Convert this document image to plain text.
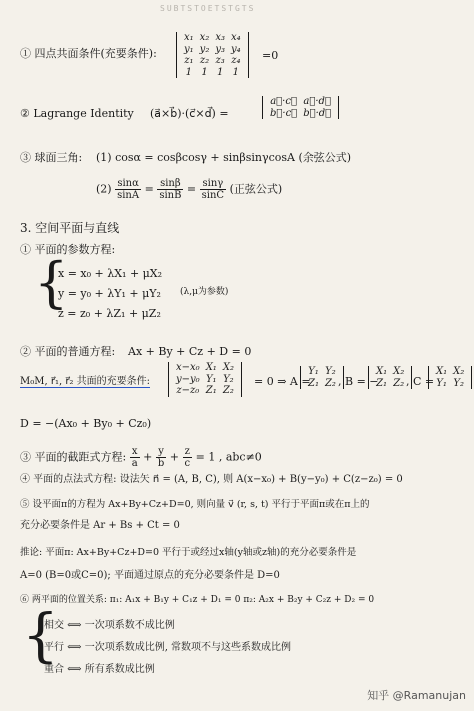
SUBTSTOETSTGTS
① 四点共面条件(充要条件):
x₁	x₂	x₃	x₄
y₁	y₂	y₃	y₄
z₁	z₂	z₃	z₄
1	1	1	1
=0
② Lagrange Identity (a⃗×b⃗)·(c⃗×d⃗) =
a⃗·c⃗	a⃗·d⃗
b⃗·c⃗	b⃗·d⃗
③ 球面三角: (1) cosα = cosβcosγ + sinβsinγcosA (余弦公式)
$(2) \frac{\sin\alpha}{\sin A} = \frac{\sin\beta}{\sin B} = \frac{\sin\gamma}{\sin C}$ (正弦公式)
3. 空间平面与直线
① 平面的参数方程:
{
x = x₀ + λX₁ + μX₂
y = y₀ + λY₁ + μY₂ (λ,μ为参数)
z = z₀ + λZ₁ + μZ₂
② 平面的普通方程: Ax + By + Cz + D = 0
M₀M, r⃗₁, r⃗₂ 共面的充要条件:
x−x₀	X₁	X₂
y−y₀	Y₁	Y₂
z−z₀	Z₁	Z₂
= 0 ⇒ A =
Y₁	Y₂
Z₁	Z₂ , B = −
X₁	X₂
Z₁	Z₂ , C =
X₁	X₂
Y₁	Y₂
D = −(Ax₀ + By₀ + Cz₀)
③ 平面的截距式方程: $\frac{x}{a} + \frac{y}{b} + \frac{z}{c} = 1$ , abc≠0
④ 平面的点法式方程: 设法矢 n⃗ = (A, B, C), 则 A(x−x₀) + B(y−y₀) + C(z−z₀) = 0
⑤ 设平面π的方程为 Ax+By+Cz+D=0, 则向量 v⃗ (r, s, t) 平行于平面π或在π上的
充分必要条件是 Ar + Bs + Ct = 0
推论: 平面π: Ax+By+Cz+D=0 平行于或经过x轴(y轴或z轴)的充分必要条件是
A=0 (B=0或C=0); 平面通过原点的充分必要条件是 D=0
⑥ 两平面的位置关系: π₁: A₁x + B₁y + C₁z + D₁ = 0 π₂: A₂x + B₂y + C₂z + D₂ = 0
{
相交 ⟺ 一次项系数不成比例
平行 ⟺ 一次项系数成比例, 常数项不与这些系数成比例
重合 ⟺ 所有系数成比例
知乎 @Ramanujan
